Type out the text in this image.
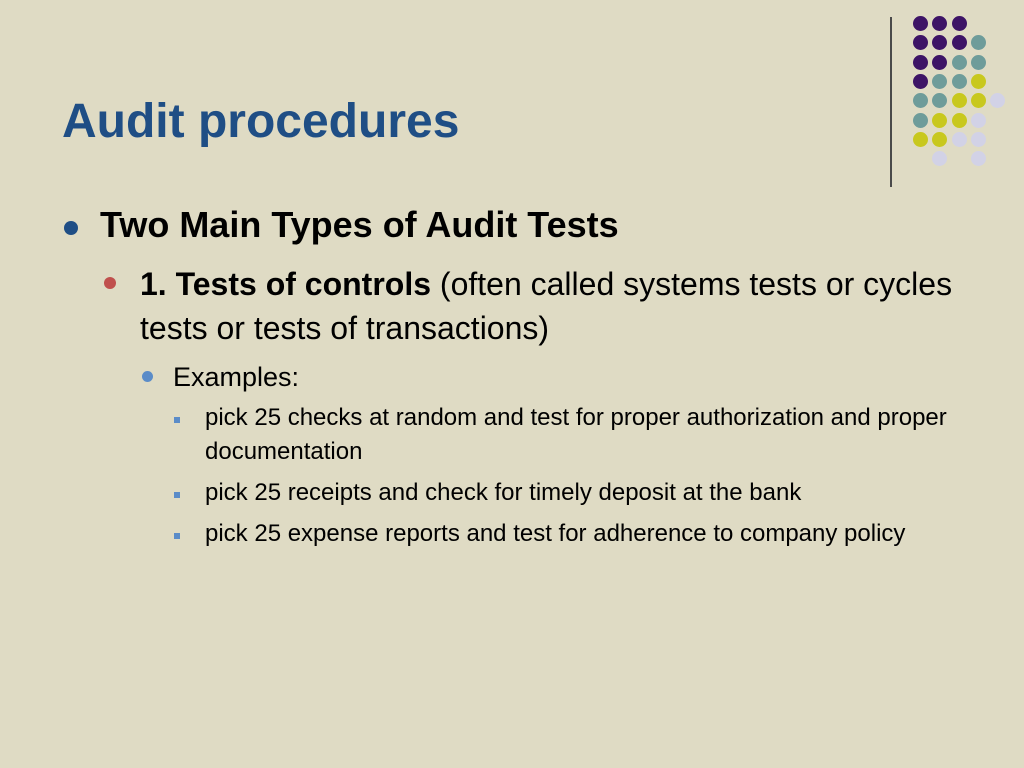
Audit procedures
Two Main Types of Audit Tests
1. Tests of controls (often called systems tests or cycles tests or tests of transactions)
Examples:
pick 25 checks at random and test for proper authorization and proper documentation
pick 25 receipts and check for timely deposit at the bank
pick 25 expense reports and test for adherence to company policy
